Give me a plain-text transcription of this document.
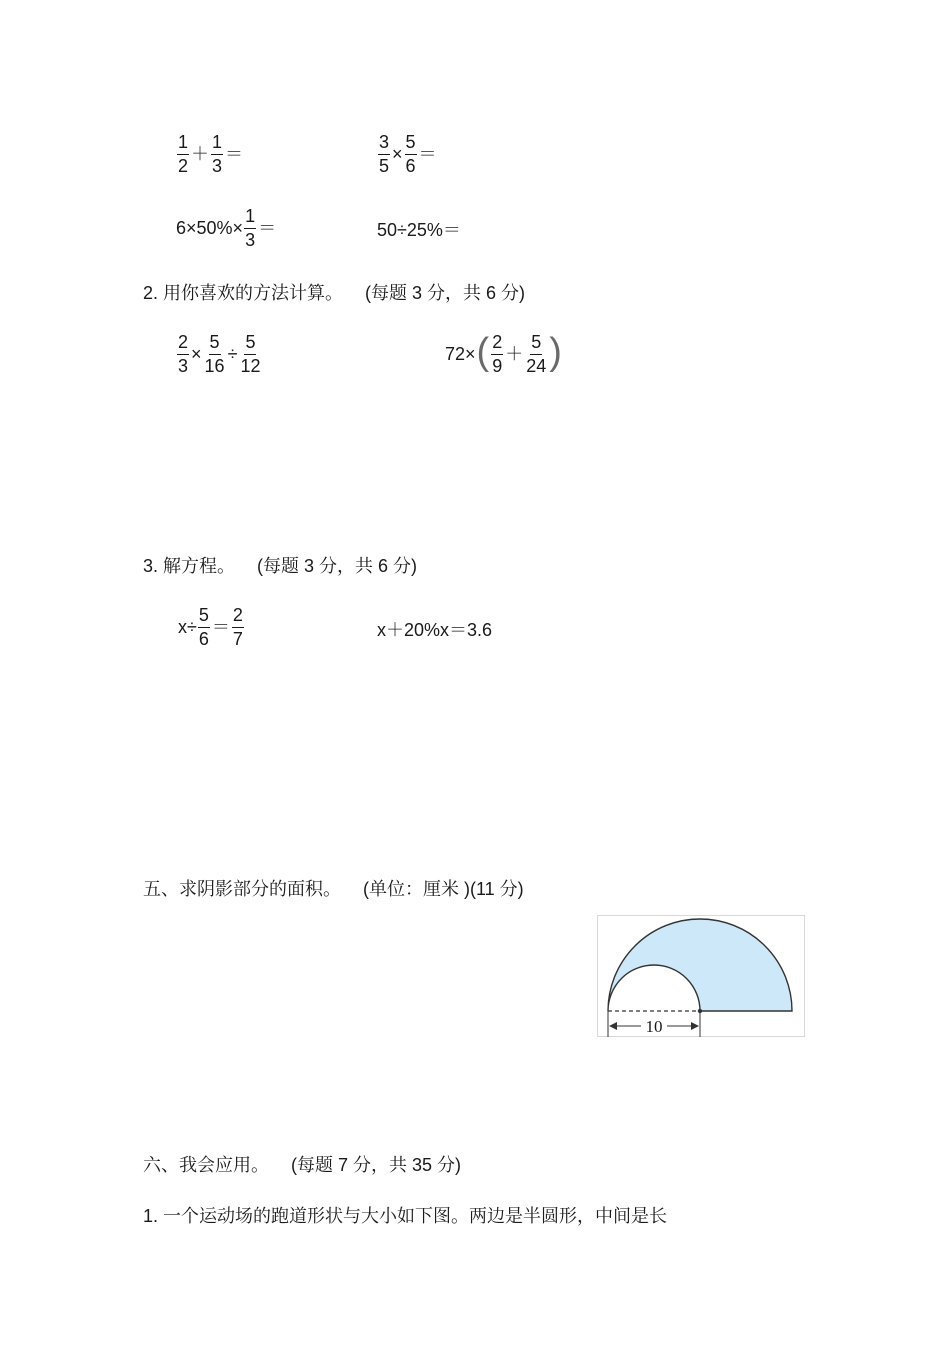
$\frac{1}{2} + \frac{1}{3}$ ＝	$\frac{3}{5} \times \frac{5}{6}$ ＝
$6\times 50\%\times \frac{1}{3}$ ＝	50÷25%＝
2. 用你喜欢的方法计算。 (每题 3 分，共 6 分)
$\frac{2}{3} \times \frac{5}{16} \div \frac{5}{12}$	72× ( $\frac{2}{9} + \frac{5}{24}$ )
3. 解方程。 (每题 3 分，共 6 分)
$x\div \frac{5}{6} = \frac{2}{7}$	x＋20%x＝3.6
五、求阴影部分的面积。 (单位：厘米 )(11 分)
10
六、我会应用。 (每题 7 分，共 35 分)
1. 一个运动场的跑道形状与大小如下图。两边是半圆形，中间是长
